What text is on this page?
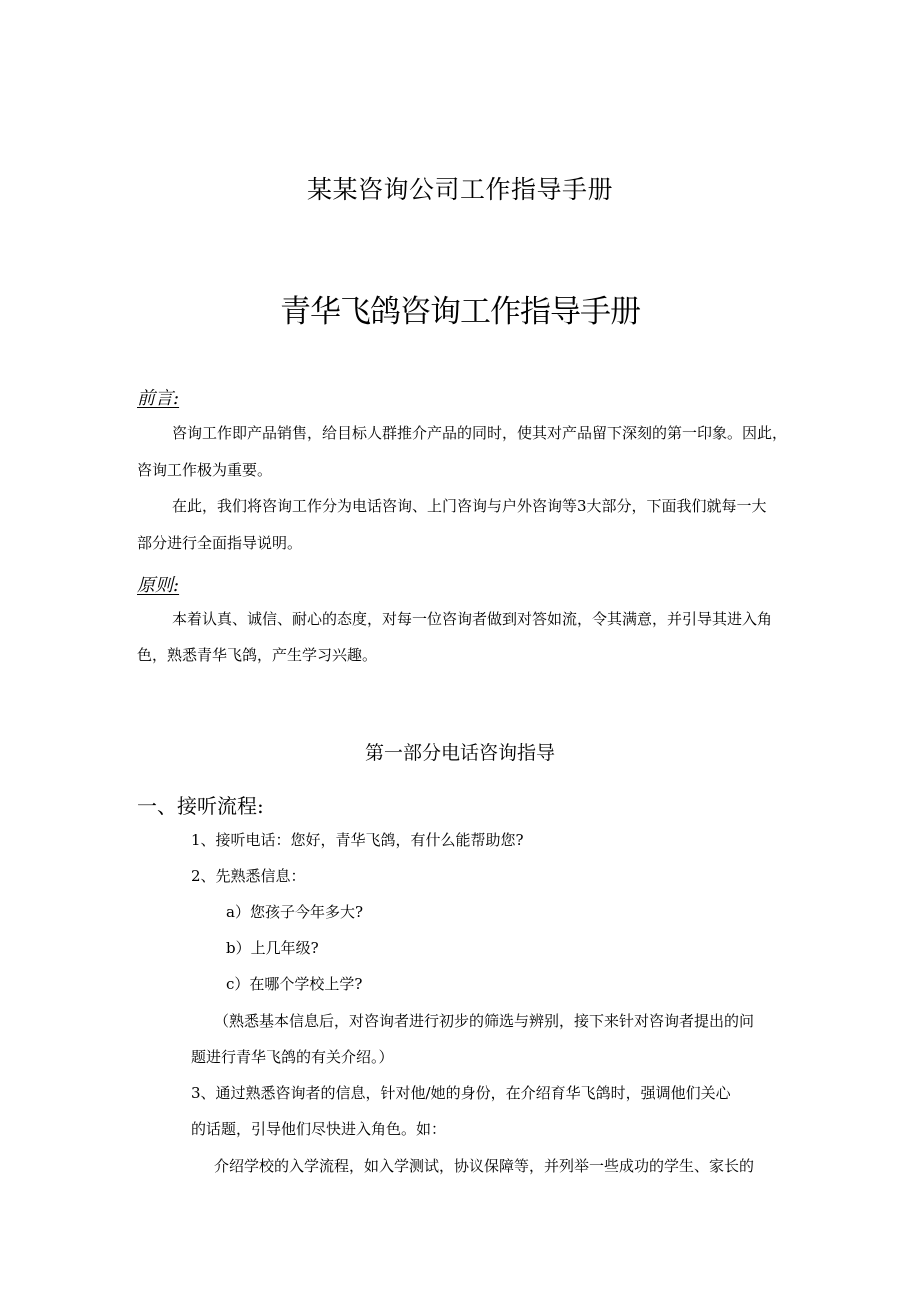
某某咨询公司工作指导手册
青华飞鸽咨询工作指导手册
前言:
咨询工作即产品销售，给目标人群推介产品的同时，使其对产品留下深刻的第一印象。因此，
咨询工作极为重要。
在此，我们将咨询工作分为电话咨询、上门咨询与户外咨询等3大部分，下面我们就每一大
部分进行全面指导说明。
原则:
本着认真、诚信、耐心的态度，对每一位咨询者做到对答如流，令其满意，并引导其进入角
色，熟悉青华飞鸽，产生学习兴趣。
第一部分电话咨询指导
一、接听流程:
1、接听电话：您好，青华飞鸽，有什么能帮助您?
2、先熟悉信息：
a）您孩子今年多大?
b）上几年级?
c）在哪个学校上学?
（熟悉基本信息后，对咨询者进行初步的筛选与辨别，接下来针对咨询者提出的问
题进行青华飞鸽的有关介绍。）
3、通过熟悉咨询者的信息，针对他/她的身份，在介绍育华飞鸽时，强调他们关心
的话题，引导他们尽快进入角色。如：
介绍学校的入学流程，如入学测试，协议保障等，并列举一些成功的学生、家长的
